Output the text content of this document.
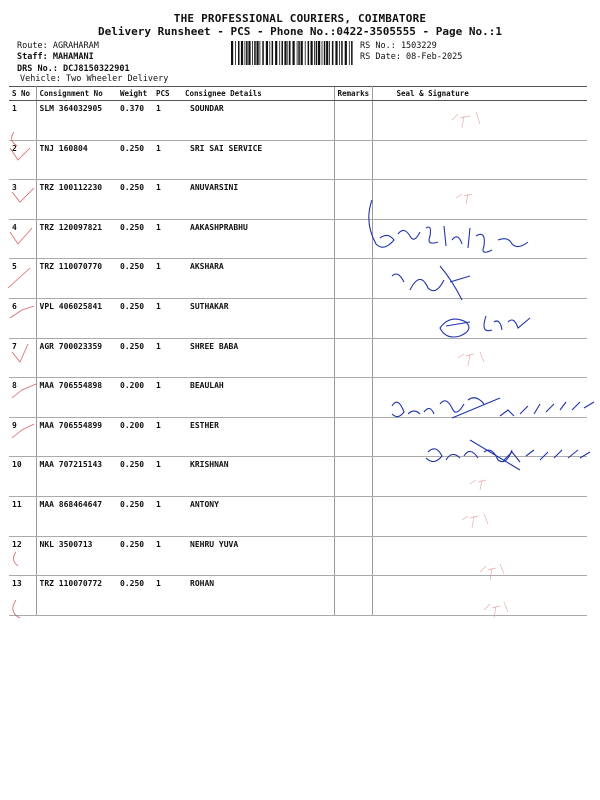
THE PROFESSIONAL COURIERS, COIMBATORE
Delivery Runsheet - PCS - Phone No.:0422-3505555 - Page No.:1
Route: AGRAHARAM
Staff: MAHAMANI
DRS No.: DCJ8150322901
Vehicle: Two Wheeler Delivery
RS No.: 1503229
RS Date: 08-Feb-2025
S No	Consignment No	Weight	PCS	Consignee Details	Remarks	Seal & Signature
1	SLM 364032905	0.370	1	SOUNDAR		
2	TNJ 160804	0.250	1	SRI SAI SERVICE		
3	TRZ 100112230	0.250	1	ANUVARSINI		
4	TRZ 120097821	0.250	1	AAKASHPRABHU		
5	TRZ 110070770	0.250	1	AKSHARA		
6	VPL 406025841	0.250	1	SUTHAKAR		
7	AGR 700023359	0.250	1	SHREE BABA		
8	MAA 706554898	0.200	1	BEAULAH		
9	MAA 706554899	0.200	1	ESTHER		
10	MAA 707215143	0.250	1	KRISHNAN		
11	MAA 868464647	0.250	1	ANTONY		
12	NKL 3500713	0.250	1	NEHRU YUVA		
13	TRZ 110070772	0.250	1	ROHAN		
